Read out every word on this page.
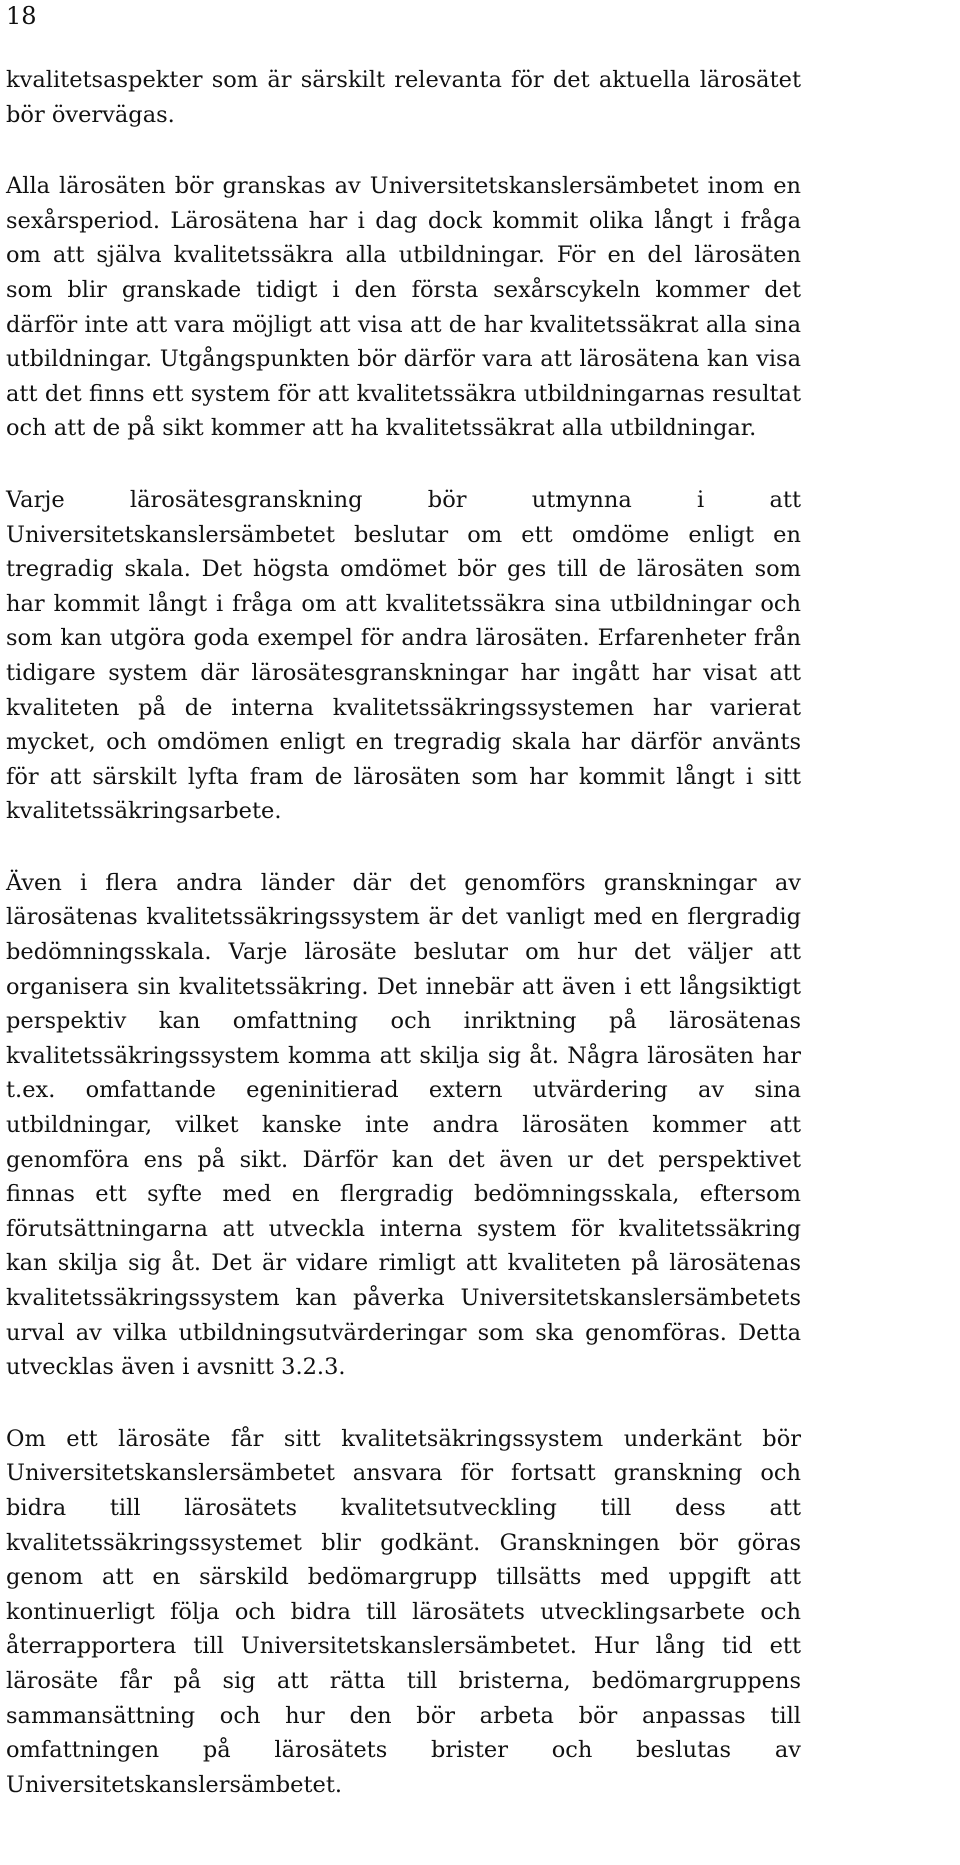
18

kvalitetsaspekter som är särskilt relevanta för det aktuella lärosätet bör övervägas.

Alla lärosäten bör granskas av Universitetskanslersämbetet inom en sexårsperiod. Lärosätena har i dag dock kommit olika långt i fråga om att själva kvalitetssäkra alla utbildningar. För en del lärosäten som blir granskade tidigt i den första sexårscykeln kommer det därför inte att vara möjligt att visa att de har kvalitetssäkrat alla sina utbildningar. Utgångspunkten bör därför vara att lärosätena kan visa att det finns ett system för att kvalitetssäkra utbildningarnas resultat och att de på sikt kommer att ha kvalitetssäkrat alla utbildningar.

Varje lärosätesgranskning bör utmynna i att Universitetskanslersämbetet beslutar om ett omdöme enligt en tregradig skala. Det högsta omdömet bör ges till de lärosäten som har kommit långt i fråga om att kvalitetssäkra sina utbildningar och som kan utgöra goda exempel för andra lärosäten. Erfarenheter från tidigare system där lärosätesgranskningar har ingått har visat att kvaliteten på de interna kvalitetssäkringssystemen har varierat mycket, och omdömen enligt en tregradig skala har därför använts för att särskilt lyfta fram de lärosäten som har kommit långt i sitt kvalitetssäkringsarbete.

Även i flera andra länder där det genomförs granskningar av lärosätenas kvalitetssäkringssystem är det vanligt med en flergradig bedömningsskala. Varje lärosäte beslutar om hur det väljer att organisera sin kvalitetssäkring. Det innebär att även i ett långsiktigt perspektiv kan omfattning och inriktning på lärosätenas kvalitetssäkringssystem komma att skilja sig åt. Några lärosäten har t.ex. omfattande egeninitierad extern utvärdering av sina utbildningar, vilket kanske inte andra lärosäten kommer att genomföra ens på sikt. Därför kan det även ur det perspektivet finnas ett syfte med en flergradig bedömningsskala, eftersom förutsättningarna att utveckla interna system för kvalitetssäkring kan skilja sig åt. Det är vidare rimligt att kvaliteten på lärosätenas kvalitetssäkringssystem kan påverka Universitetskanslersämbetets urval av vilka utbildningsutvärderingar som ska genomföras. Detta utvecklas även i avsnitt 3.2.3.

Om ett lärosäte får sitt kvalitetsäkringssystem underkänt bör Universitetskanslersämbetet ansvara för fortsatt granskning och bidra till lärosätets kvalitetsutveckling till dess att kvalitetssäkringssystemet blir godkänt. Granskningen bör göras genom att en särskild bedömargrupp tillsätts med uppgift att kontinuerligt följa och bidra till lärosätets utvecklingsarbete och återrapportera till Universitetskanslersämbetet. Hur lång tid ett lärosäte får på sig att rätta till bristerna, bedömargruppens sammansättning och hur den bör arbeta bör anpassas till omfattningen på lärosätets brister och beslutas av Universitetskanslersämbetet.
